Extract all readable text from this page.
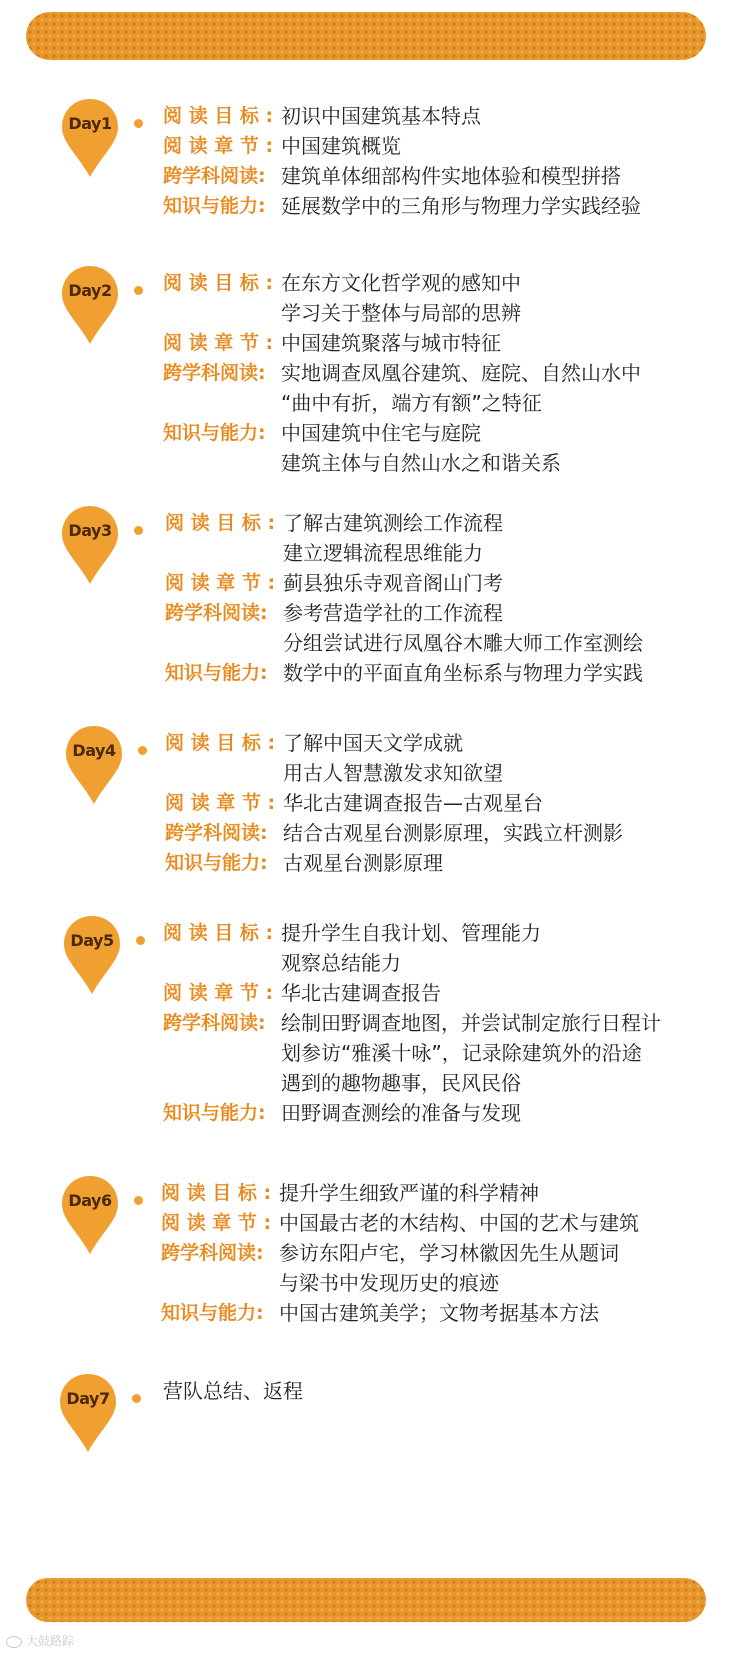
Day1	阅 读 目 标 : 初识中国建筑基本特点
阅 读 章 节 : 中国建筑概览
跨学科阅读: 建筑单体细部构件实地体验和模型拼搭
知识与能力: 延展数学中的三角形与物理力学实践经验
Day2	阅 读 目 标 : 在东方文化哲学观的感知中
学习关于整体与局部的思辨
阅 读 章 节 : 中国建筑聚落与城市特征
跨学科阅读: 实地调查凤凰谷建筑、庭院、自然山水中
“曲中有折，端方有额”之特征
知识与能力: 中国建筑中住宅与庭院
建筑主体与自然山水之和谐关系
Day3	阅 读 目 标 : 了解古建筑测绘工作流程
建立逻辑流程思维能力
阅 读 章 节 : 蓟县独乐寺观音阁山门考
跨学科阅读: 参考营造学社的工作流程
分组尝试进行凤凰谷木雕大师工作室测绘
知识与能力: 数学中的平面直角坐标系与物理力学实践
Day4	阅 读 目 标 : 了解中国天文学成就
用古人智慧激发求知欲望
阅 读 章 节 : 华北古建调查报告—古观星台
跨学科阅读: 结合古观星台测影原理，实践立杆测影
知识与能力: 古观星台测影原理
Day5	阅 读 目 标 : 提升学生自我计划、管理能力
观察总结能力
阅 读 章 节 : 华北古建调查报告
跨学科阅读: 绘制田野调查地图，并尝试制定旅行日程计
划参访“雅溪十咏”，记录除建筑外的沿途
遇到的趣物趣事，民风民俗
知识与能力: 田野调查测绘的准备与发现
Day6	阅 读 目 标 : 提升学生细致严谨的科学精神
阅 读 章 节 : 中国最古老的木结构、中国的艺术与建筑
跨学科阅读: 参访东阳卢宅，学习林徽因先生从题词
与梁书中发现历史的痕迹
知识与能力: 中国古建筑美学；文物考据基本方法
Day7	营队总结、返程
大鼓路踪
